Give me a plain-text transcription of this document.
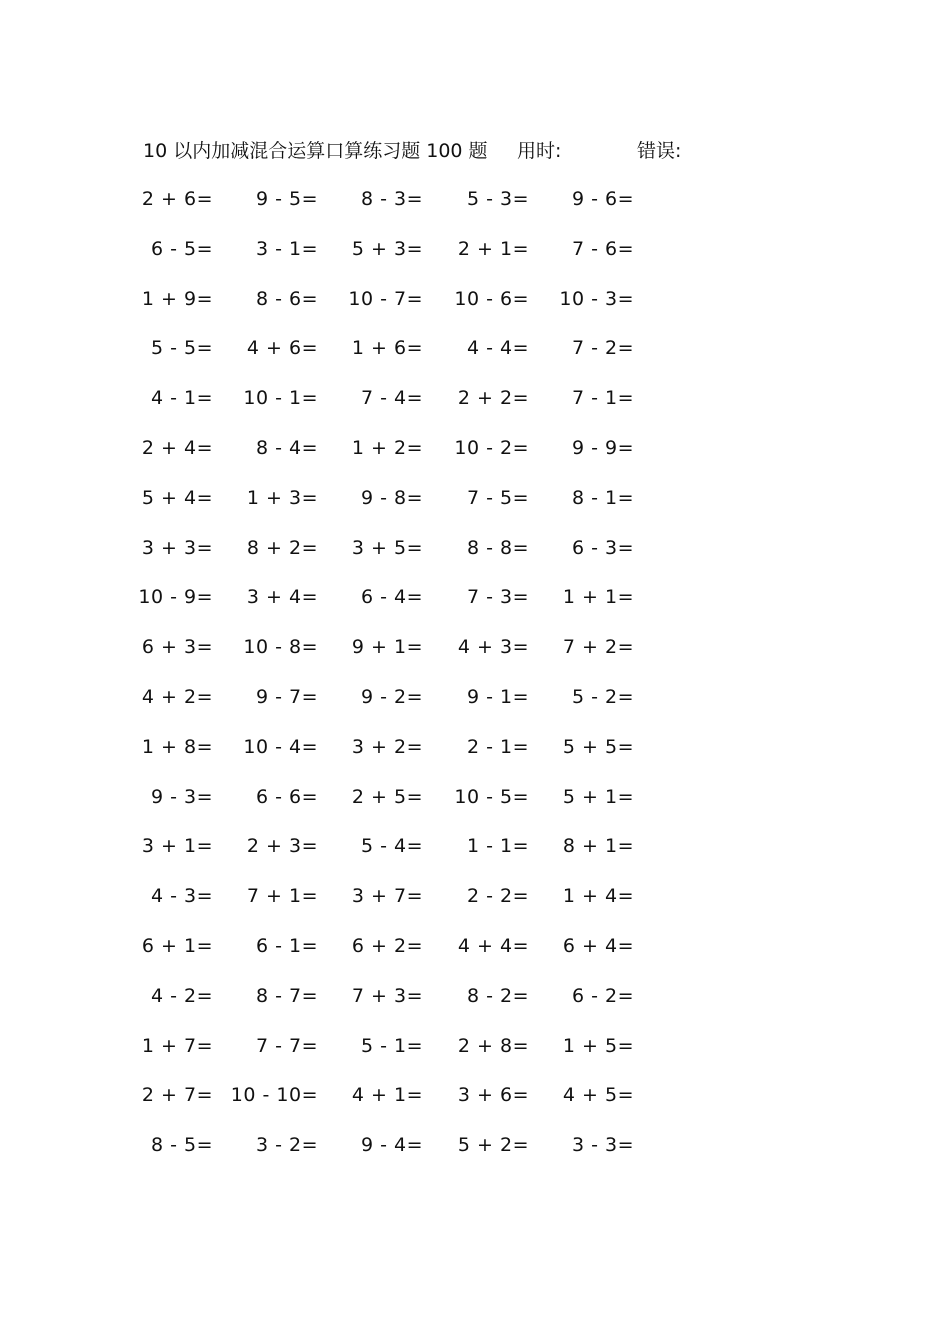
10 以内加减混合运算口算练习题 100 题 用时:	错误:
2 + 6= 9 - 5= 8 - 3= 5 - 3= 9 - 6=
6 - 5= 3 - 1= 5 + 3= 2 + 1= 7 - 6=
1 + 9= 8 - 6= 10 - 7= 10 - 6= 10 - 3=
5 - 5= 4 + 6= 1 + 6= 4 - 4= 7 - 2=
4 - 1= 10 - 1= 7 - 4= 2 + 2= 7 - 1=
2 + 4= 8 - 4= 1 + 2= 10 - 2= 9 - 9=
5 + 4= 1 + 3= 9 - 8= 7 - 5= 8 - 1=
3 + 3= 8 + 2= 3 + 5= 8 - 8= 6 - 3=
10 - 9= 3 + 4= 6 - 4= 7 - 3= 1 + 1=
6 + 3= 10 - 8= 9 + 1= 4 + 3= 7 + 2=
4 + 2= 9 - 7= 9 - 2= 9 - 1= 5 - 2=
1 + 8= 10 - 4= 3 + 2= 2 - 1= 5 + 5=
9 - 3= 6 - 6= 2 + 5= 10 - 5= 5 + 1=
3 + 1= 2 + 3= 5 - 4= 1 - 1= 8 + 1=
4 - 3= 7 + 1= 3 + 7= 2 - 2= 1 + 4=
6 + 1= 6 - 1= 6 + 2= 4 + 4= 6 + 4=
4 - 2= 8 - 7= 7 + 3= 8 - 2= 6 - 2=
1 + 7= 7 - 7= 5 - 1= 2 + 8= 1 + 5=
2 + 7= 10 - 10= 4 + 1= 3 + 6= 4 + 5=
8 - 5= 3 - 2= 9 - 4= 5 + 2= 3 - 3=
